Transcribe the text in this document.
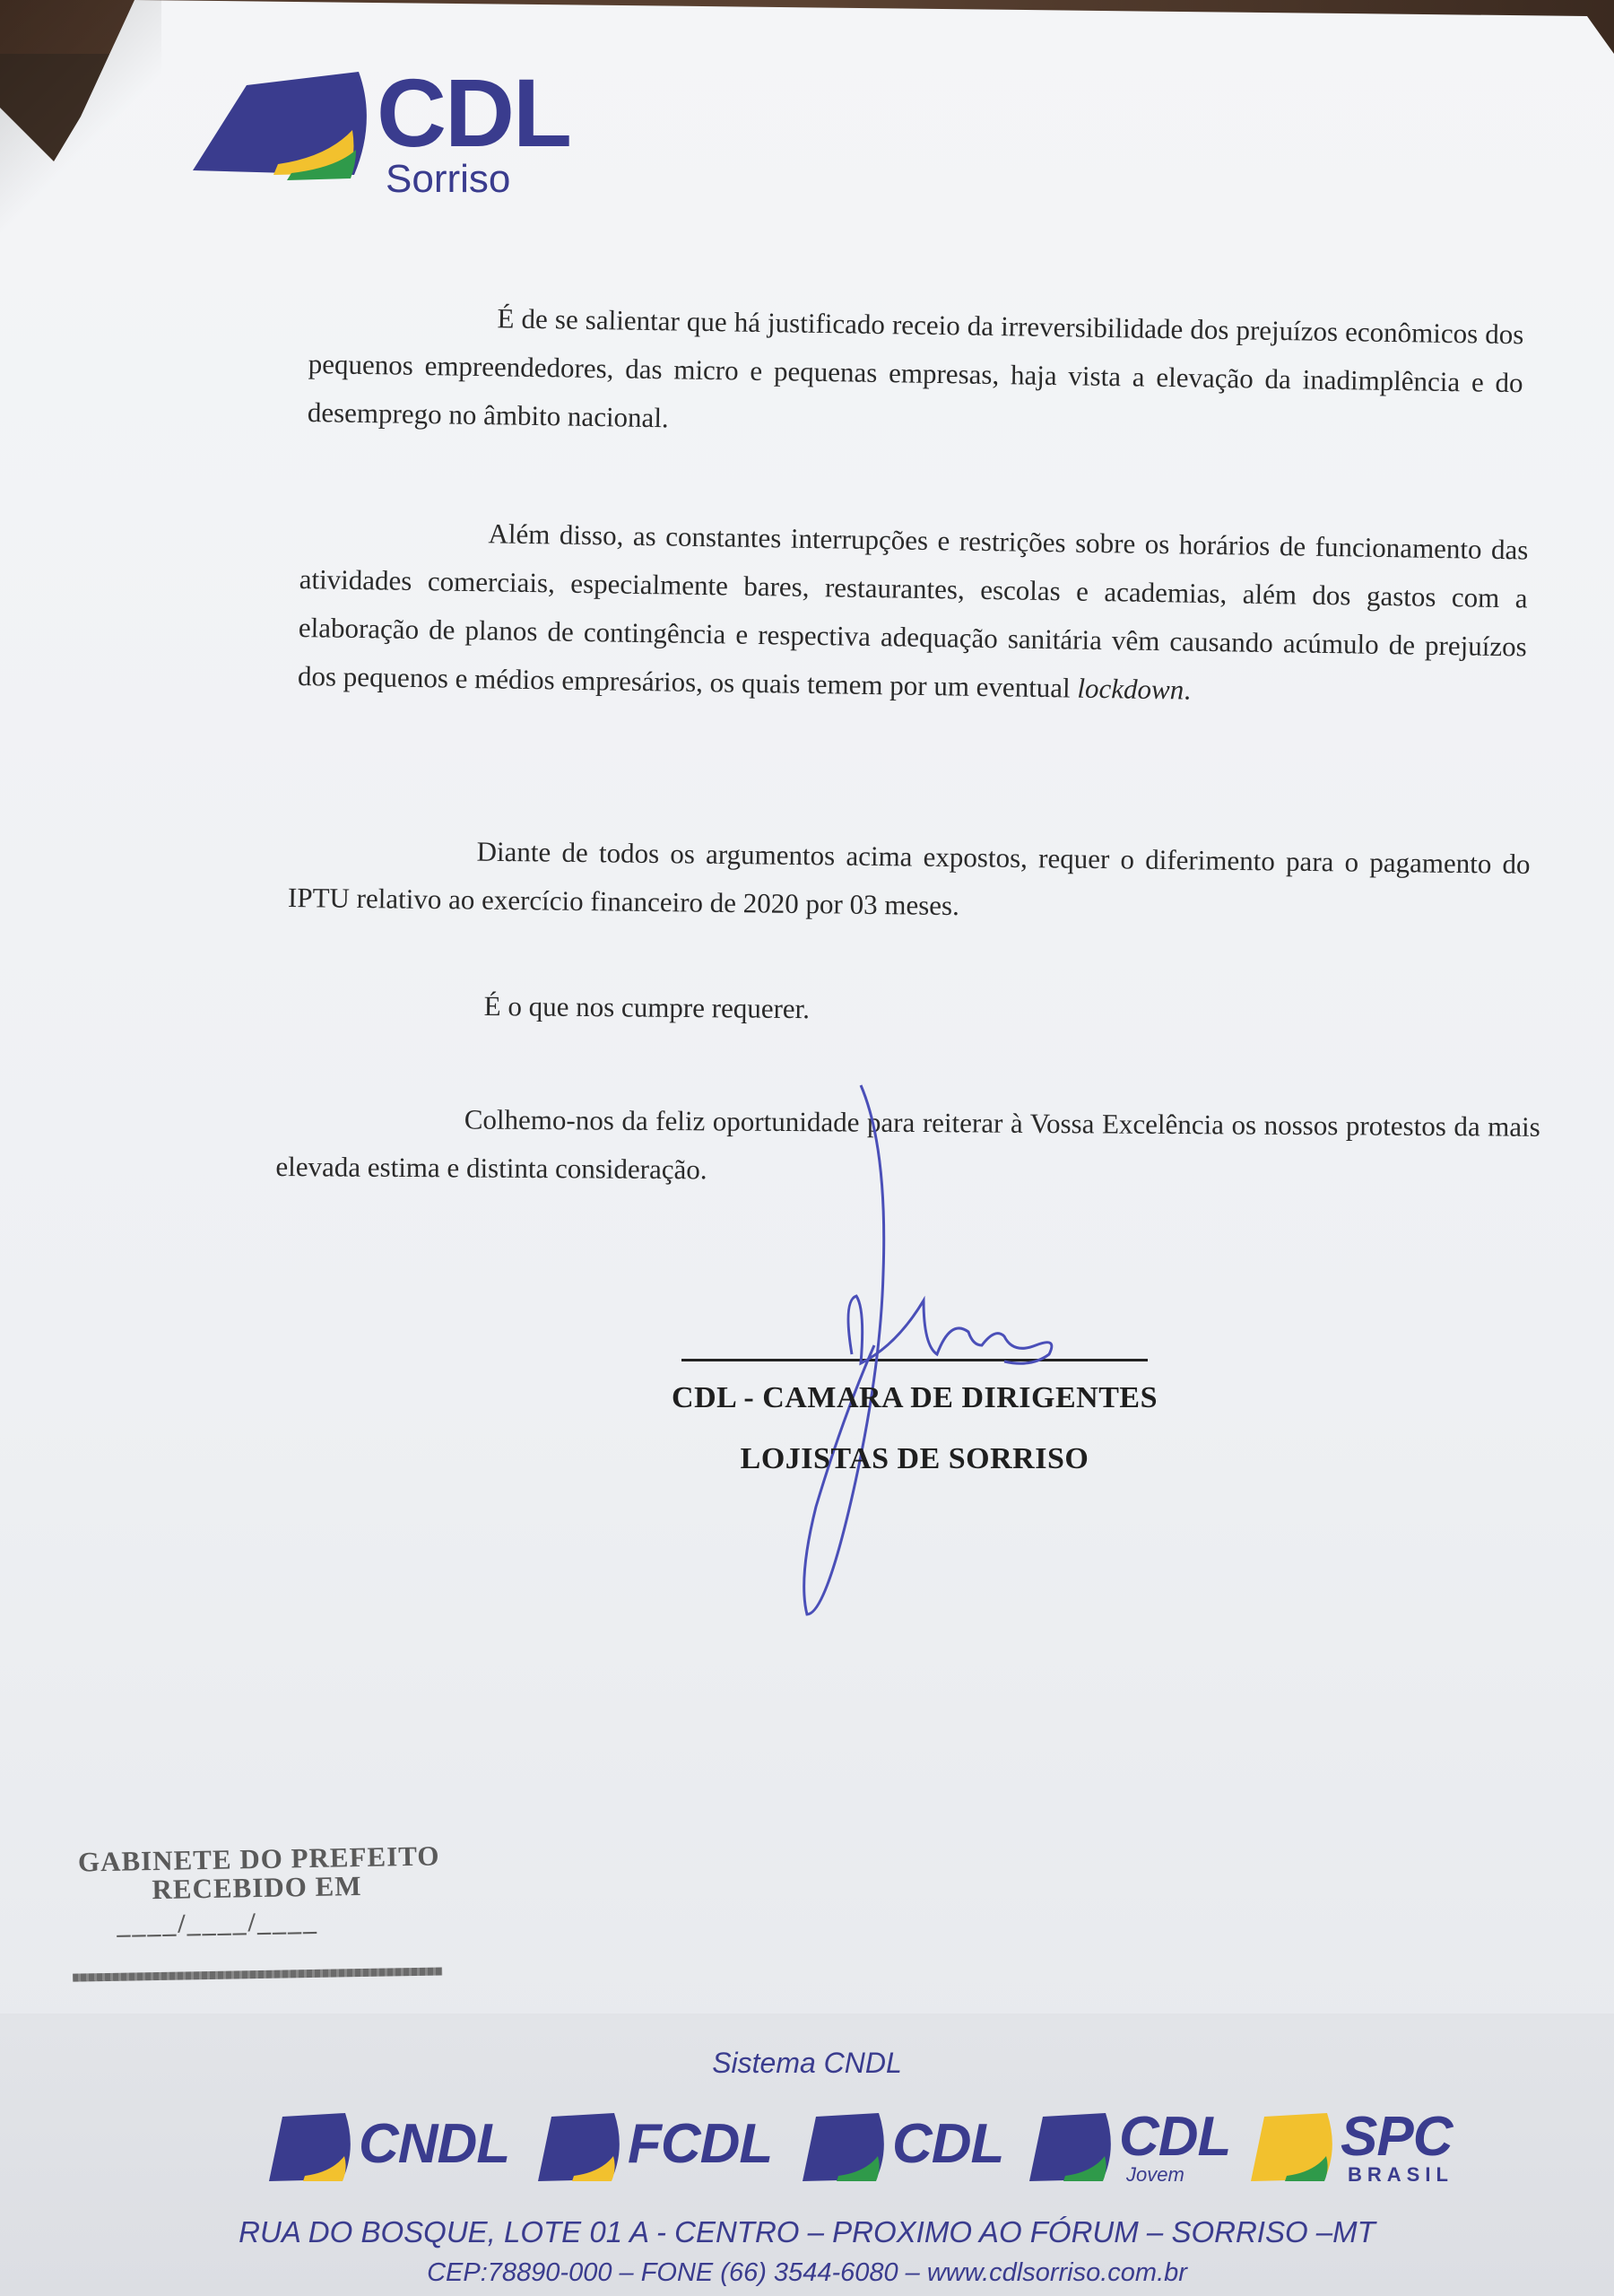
CDL
Sorriso
É de se salientar que há justificado receio da irreversibilidade dos prejuízos econômicos dos pequenos empreendedores, das micro e pequenas empresas, haja vista a elevação da inadimplência e do desemprego no âmbito nacional.
Além disso, as constantes interrupções e restrições sobre os horários de funcionamento das atividades comerciais, especialmente bares, restaurantes, escolas e academias, além dos gastos com a elaboração de planos de contingência e respectiva adequação sanitária vêm causando acúmulo de prejuízos dos pequenos e médios empresários, os quais temem por um eventual lockdown.
Diante de todos os argumentos acima expostos, requer o diferimento para o pagamento do IPTU relativo ao exercício financeiro de 2020 por 03 meses.
É o que nos cumpre requerer.
Colhemo-nos da feliz oportunidade para reiterar à Vossa Excelência os nossos protestos da mais elevada estima e distinta consideração.
CDL - CAMARA DE DIRIGENTES
LOJISTAS DE SORRISO
GABINETE DO PREFEITO
RECEBIDO EM
____/____/____
Sistema CNDL
CNDL FCDL CDL CDL
Jovem
SPC
BRASIL
RUA DO BOSQUE, LOTE 01 A - CENTRO – PROXIMO AO FÓRUM – SORRISO –MT
CEP:78890-000 – FONE (66) 3544-6080 – www.cdlsorriso.com.br
